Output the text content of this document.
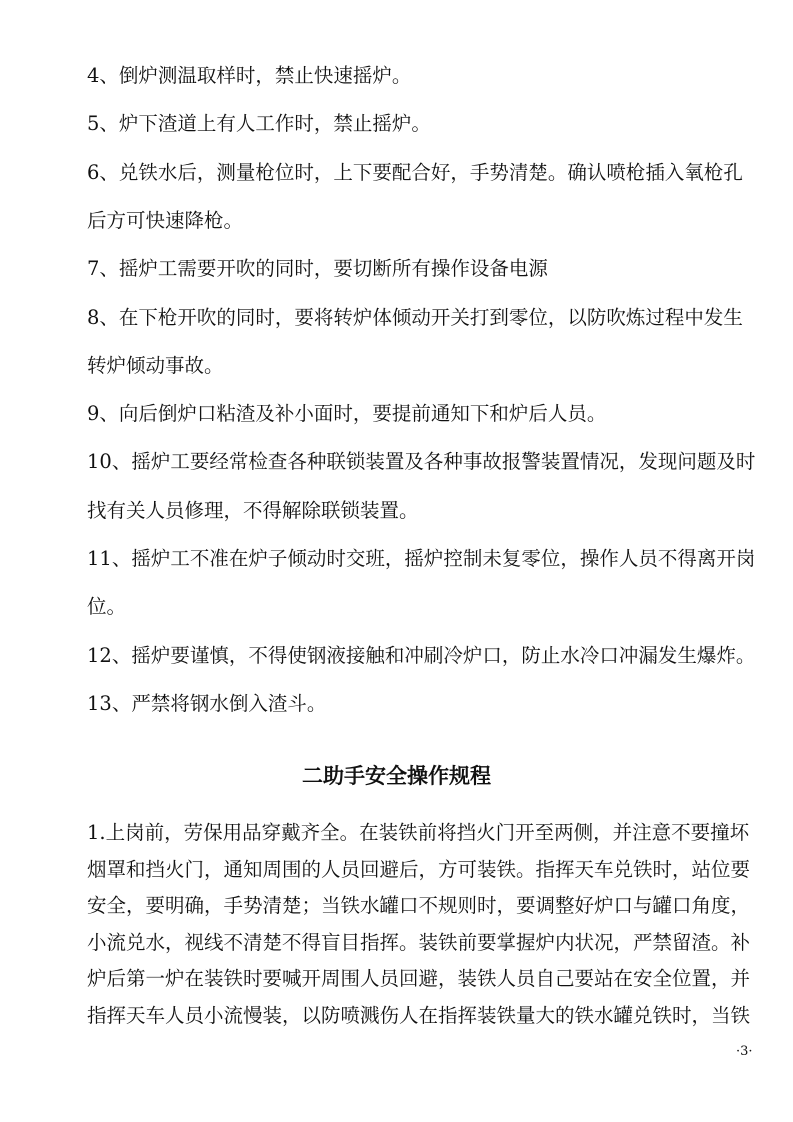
4、倒炉测温取样时，禁止快速摇炉。
5、炉下渣道上有人工作时，禁止摇炉。
6、兑铁水后，测量枪位时，上下要配合好，手势清楚。确认喷枪插入氧枪孔
后方可快速降枪。
7、摇炉工需要开吹的同时，要切断所有操作设备电源
8、在下枪开吹的同时，要将转炉体倾动开关打到零位，以防吹炼过程中发生
转炉倾动事故。
9、向后倒炉口粘渣及补小面时，要提前通知下和炉后人员。
10、摇炉工要经常检查各种联锁装置及各种事故报警装置情况，发现问题及时
找有关人员修理，不得解除联锁装置。
11、摇炉工不准在炉子倾动时交班，摇炉控制未复零位，操作人员不得离开岗
位。
12、摇炉要谨慎，不得使钢液接触和冲刷冷炉口，防止水冷口冲漏发生爆炸。
13、严禁将钢水倒入渣斗。
二助手安全操作规程
1.上岗前，劳保用品穿戴齐全。在装铁前将挡火门开至两侧，并注意不要撞坏
烟罩和挡火门，通知周围的人员回避后，方可装铁。指挥天车兑铁时，站位要
安全，要明确，手势清楚；当铁水罐口不规则时，要调整好炉口与罐口角度，
小流兑水，视线不清楚不得盲目指挥。装铁前要掌握炉内状况，严禁留渣。补
炉后第一炉在装铁时要喊开周围人员回避，装铁人员自己要站在安全位置，并
指挥天车人员小流慢装，以防喷溅伤人在指挥装铁量大的铁水罐兑铁时，当铁
·3·
